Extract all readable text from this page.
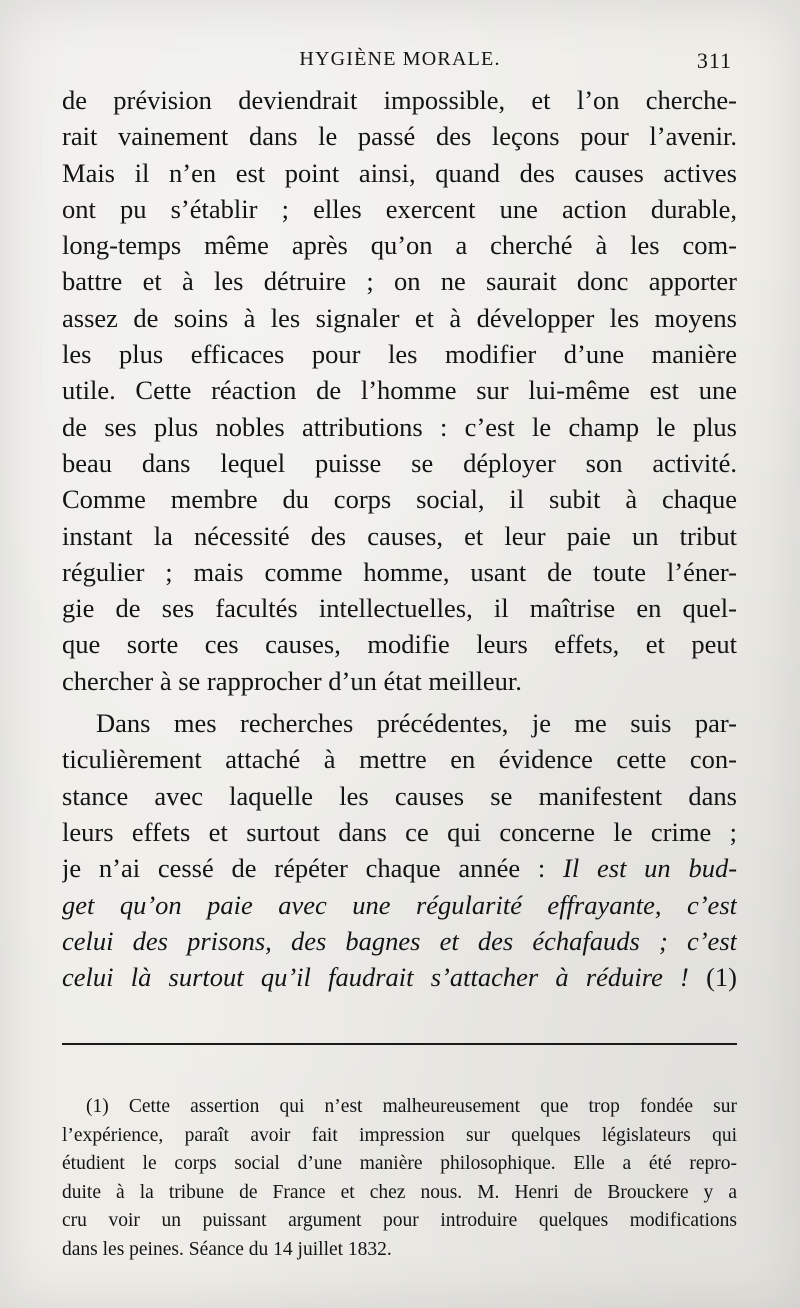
HYGIÈNE MORALE.	311
de prévision deviendrait impossible, et l’on cherche-
rait vainement dans le passé des leçons pour l’avenir.
Mais il n’en est point ainsi, quand des causes actives
ont pu s’établir ; elles exercent une action durable,
long-temps même après qu’on a cherché à les com-
battre et à les détruire ; on ne saurait donc apporter
assez de soins à les signaler et à développer les moyens
les plus efficaces pour les modifier d’une manière
utile. Cette réaction de l’homme sur lui-même est une
de ses plus nobles attributions : c’est le champ le plus
beau dans lequel puisse se déployer son activité.
Comme membre du corps social, il subit à chaque
instant la nécessité des causes, et leur paie un tribut
régulier ; mais comme homme, usant de toute l’éner-
gie de ses facultés intellectuelles, il maîtrise en quel-
que sorte ces causes, modifie leurs effets, et peut
chercher à se rapprocher d’un état meilleur.
Dans mes recherches précédentes, je me suis par-
ticulièrement attaché à mettre en évidence cette con-
stance avec laquelle les causes se manifestent dans
leurs effets et surtout dans ce qui concerne le crime ;
je n’ai cessé de répéter chaque année : Il est un bud-
get qu’on paie avec une régularité effrayante, c’est
celui des prisons, des bagnes et des échafauds ; c’est
celui là surtout qu’il faudrait s’attacher à réduire ! (1)
(1) Cette assertion qui n’est malheureusement que trop fondée sur
l’expérience, paraît avoir fait impression sur quelques législateurs qui
étudient le corps social d’une manière philosophique. Elle a été repro-
duite à la tribune de France et chez nous. M. Henri de Brouckere y a
cru voir un puissant argument pour introduire quelques modifications
dans les peines. Séance du 14 juillet 1832.
